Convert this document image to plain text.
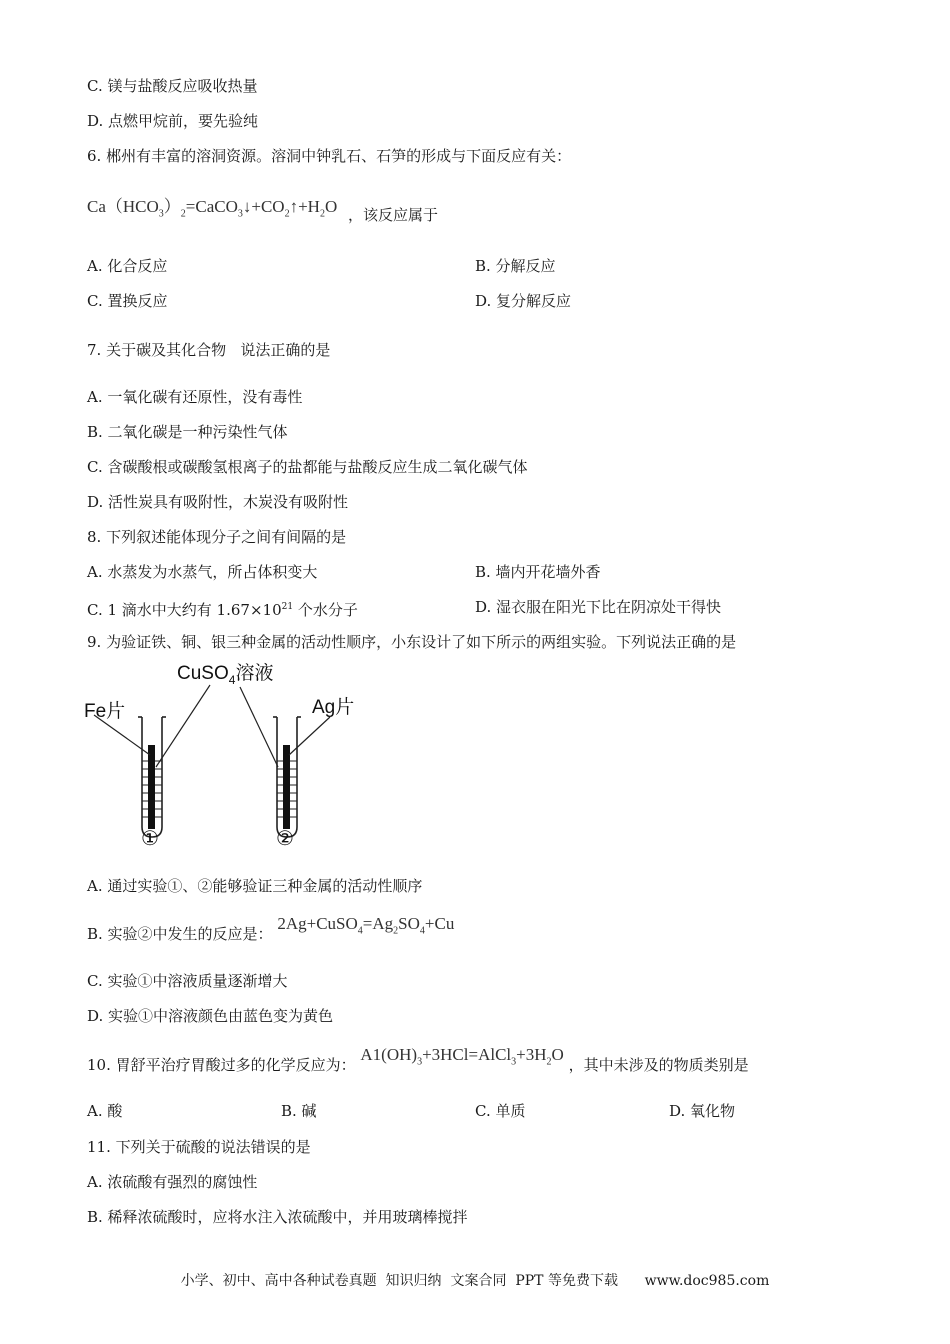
C. 镁与盐酸反应吸收热量
D. 点燃甲烷前，要先验纯
6. 郴州有丰富的溶洞资源。溶洞中钟乳石、石笋的形成与下面反应有关：
$Ca(HCO_3)_2=CaCO_3↓+CO_2↑+H_2O$ ，该反应属于
A. 化合反应	B. 分解反应
C. 置换反应	D. 复分解反应
7. 关于碳及其化合物   说法正确的是
A. 一氧化碳有还原性，没有毒性
B. 二氧化碳是一种污染性气体
C. 含碳酸根或碳酸氢根离子的盐都能与盐酸反应生成二氧化碳气体
D. 活性炭具有吸附性，木炭没有吸附性
8. 下列叙述能体现分子之间有间隔的是
A. 水蒸发为水蒸气，所占体积变大	B. 墙内开花墙外香
C. 1 滴水中大约有 $1.67\times 10^{21}$ 个水分子	D. 湿衣服在阳光下比在阴凉处干得快
9. 为验证铁、铜、银三种金属的活动性顺序，小东设计了如下所示的两组实验。下列说法正确的是
CuSO$_4$溶液
Fe片	Ag片
①	②
A. 通过实验①、②能够验证三种金属的活动性顺序
B. 实验②中发生的反应是： $2Ag+CuSO_4=Ag_2SO_4+Cu$
C. 实验①中溶液质量逐渐增大
D. 实验①中溶液颜色由蓝色变为黄色
10. 胃舒平治疗胃酸过多的化学反应为： $A1(OH)_3+3HCl=AlCl_3+3H_2O$ ，其中未涉及的物质类别是
A. 酸	B. 碱	C. 单质	D. 氧化物
11. 下列关于硫酸的说法错误的是
A. 浓硫酸有强烈的腐蚀性
B. 稀释浓硫酸时，应将水注入浓硫酸中，并用玻璃棒搅拌
小学、初中、高中各种试卷真题  知识归纳  文案合同  PPT 等免费下载      www.doc985.com
